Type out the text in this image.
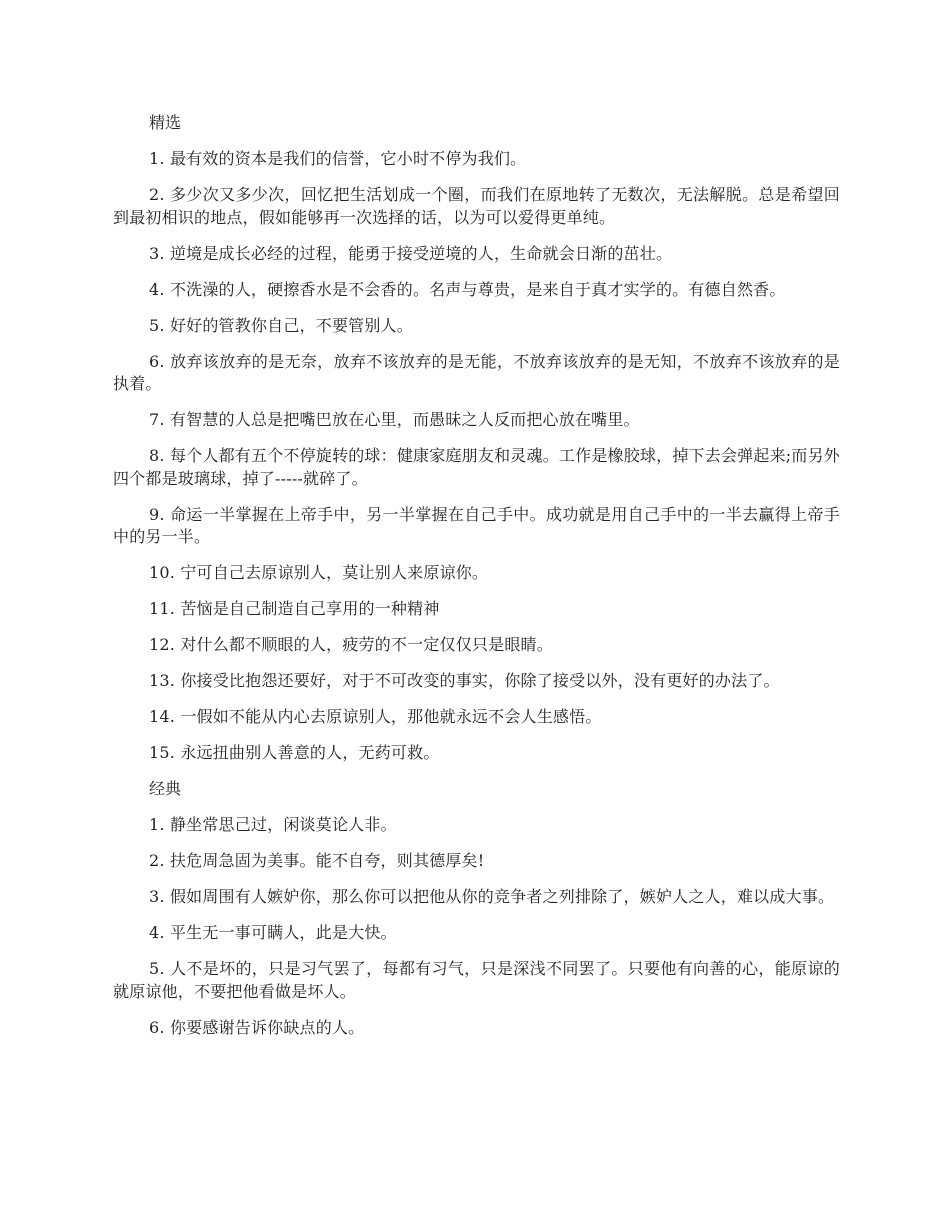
精选

1. 最有效的资本是我们的信誉，它小时不停为我们。

2. 多少次又多少次，回忆把生活划成一个圈，而我们在原地转了无数次，无法解脱。总是希望回到最初相识的地点，假如能够再一次选择的话，以为可以爱得更单纯。

3. 逆境是成长必经的过程，能勇于接受逆境的人，生命就会日渐的茁壮。

4. 不洗澡的人，硬擦香水是不会香的。名声与尊贵，是来自于真才实学的。有德自然香。

5. 好好的管教你自己，不要管别人。

6. 放弃该放弃的是无奈，放弃不该放弃的是无能，不放弃该放弃的是无知，不放弃不该放弃的是执着。

7. 有智慧的人总是把嘴巴放在心里，而愚昧之人反而把心放在嘴里。

8. 每个人都有五个不停旋转的球：健康家庭朋友和灵魂。工作是橡胶球，掉下去会弹起来;而另外四个都是玻璃球，掉了-----就碎了。

9. 命运一半掌握在上帝手中，另一半掌握在自己手中。成功就是用自己手中的一半去赢得上帝手中的另一半。

10. 宁可自己去原谅别人，莫让别人来原谅你。

11. 苦恼是自己制造自己享用的一种精神

12. 对什么都不顺眼的人，疲劳的不一定仅仅只是眼睛。

13. 你接受比抱怨还要好，对于不可改变的事实，你除了接受以外，没有更好的办法了。

14. 一假如不能从内心去原谅别人，那他就永远不会人生感悟。

15. 永远扭曲别人善意的人，无药可救。

经典

1. 静坐常思己过，闲谈莫论人非。

2. 扶危周急固为美事。能不自夸，则其德厚矣!

3. 假如周围有人嫉妒你，那么你可以把他从你的竞争者之列排除了，嫉妒人之人，难以成大事。

4. 平生无一事可瞒人，此是大快。

5. 人不是坏的，只是习气罢了，每都有习气，只是深浅不同罢了。只要他有向善的心，能原谅的就原谅他，不要把他看做是坏人。

6. 你要感谢告诉你缺点的人。
